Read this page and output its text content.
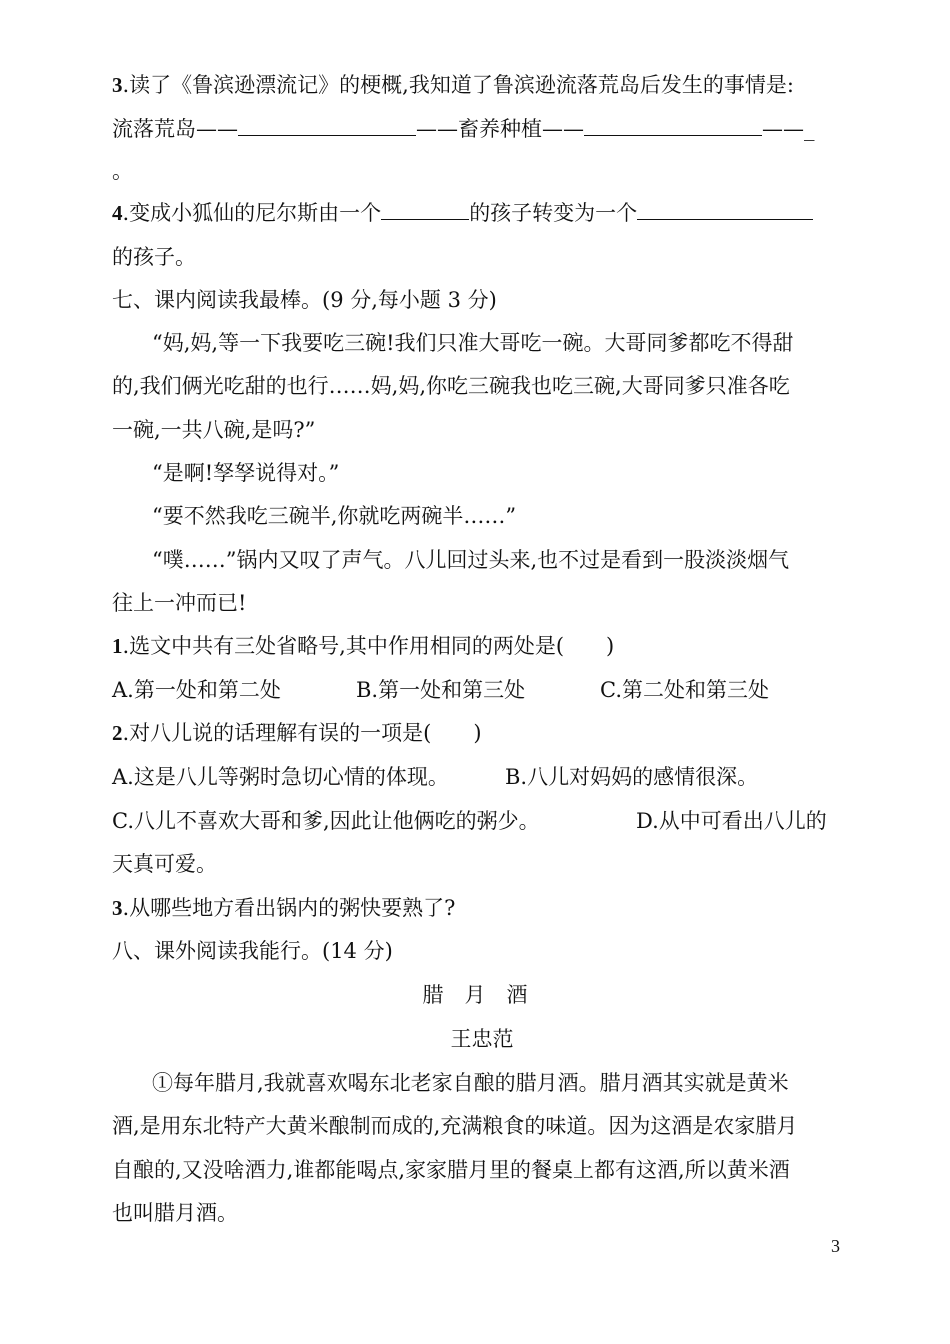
3.读了《鲁滨逊漂流记》的梗概,我知道了鲁滨逊流落荒岛后发生的事情是:
流落荒岛——	——畜养种植——	——_
。
4.变成小狐仙的尼尔斯由一个	的孩子转变为一个
的孩子。
七、课内阅读我最棒。(9 分,每小题 3 分)
“妈,妈,等一下我要吃三碗!我们只准大哥吃一碗。大哥同爹都吃不得甜
的,我们俩光吃甜的也行……妈,妈,你吃三碗我也吃三碗,大哥同爹只准各吃
一碗,一共八碗,是吗?”
“是啊!孥孥说得对。”
“要不然我吃三碗半,你就吃两碗半……”
“噗……”锅内又叹了声气。八儿回过头来,也不过是看到一股淡淡烟气
往上一冲而已!
1.选文中共有三处省略号,其中作用相同的两处是(　　)
A.第一处和第二处	B.第一处和第三处	C.第二处和第三处
2.对八儿说的话理解有误的一项是(　　)
A.这是八儿等粥时急切心情的体现。	B.八儿对妈妈的感情很深。
C.八儿不喜欢大哥和爹,因此让他俩吃的粥少。	D.从中可看出八儿的
天真可爱。
3.从哪些地方看出锅内的粥快要熟了?
八、课外阅读我能行。(14 分)
腊　月　酒
王忠范
①每年腊月,我就喜欢喝东北老家自酿的腊月酒。腊月酒其实就是黄米
酒,是用东北特产大黄米酿制而成的,充满粮食的味道。因为这酒是农家腊月
自酿的,又没啥酒力,谁都能喝点,家家腊月里的餐桌上都有这酒,所以黄米酒
也叫腊月酒。
3
